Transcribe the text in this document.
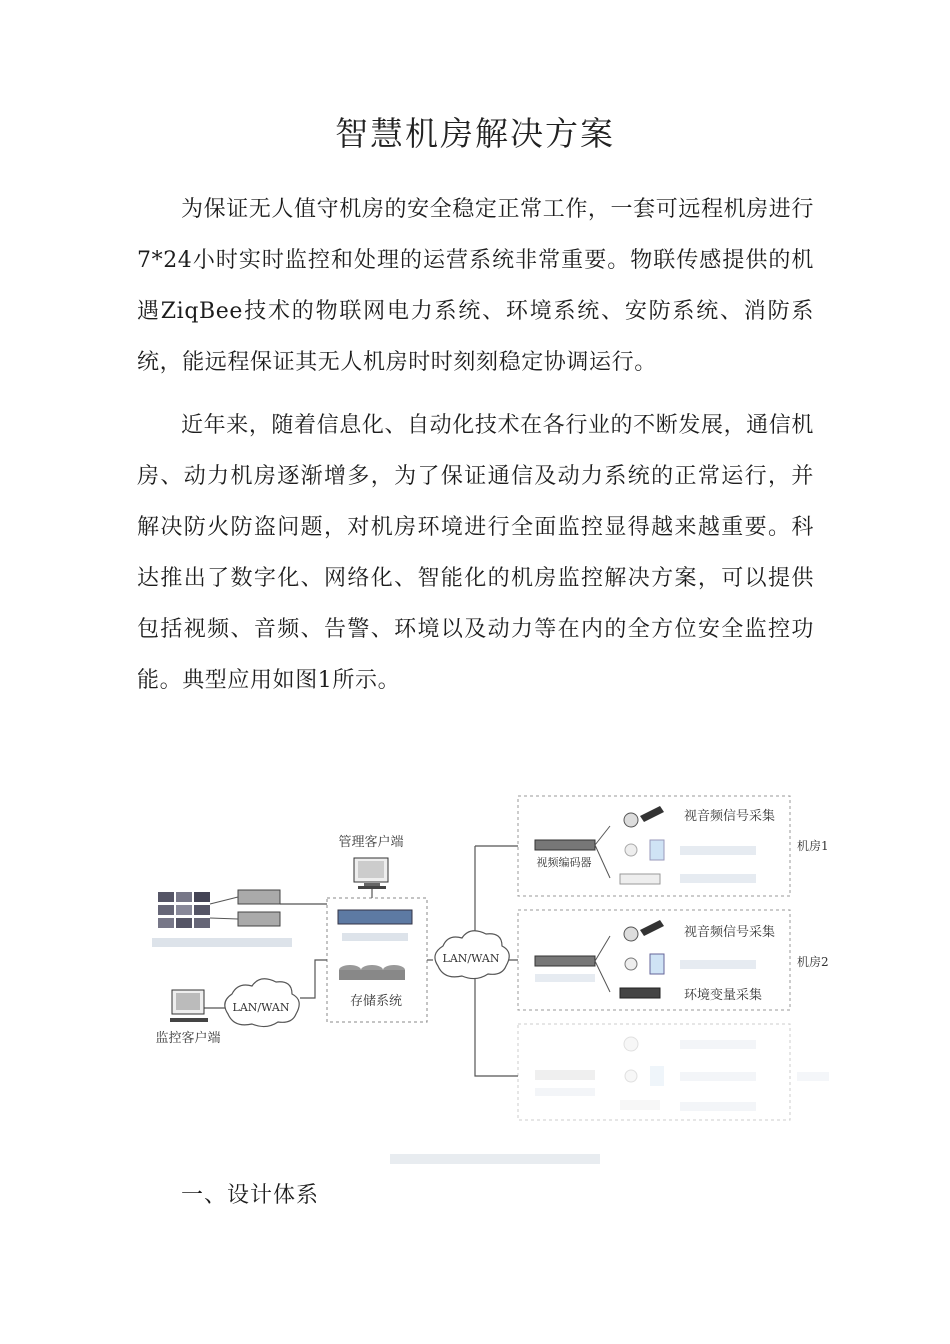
智慧机房解决方案

为保证无人值守机房的安全稳定正常工作，一套可远程机房进行7*24小时实时监控和处理的运营系统非常重要。物联传感提供的机遇ZiqBee技术的物联网电力系统、环境系统、安防系统、消防系统，能远程保证其无人机房时时刻刻稳定协调运行。

近年来，随着信息化、自动化技术在各行业的不断发展，通信机房、动力机房逐渐增多，为了保证通信及动力系统的正常运行，并解决防火防盗问题，对机房环境进行全面监控显得越来越重要。科达推出了数字化、网络化、智能化的机房监控解决方案，可以提供包括视频、音频、告警、环境以及动力等在内的全方位安全监控功能。典型应用如图1所示。

LAN/WAN
LAN/WAN
管理客户端
监控客户端
存储系统
视频编码器
视音频信号采集
机房1
视音频信号采集
环境变量采集
机房2
一、设计体系
